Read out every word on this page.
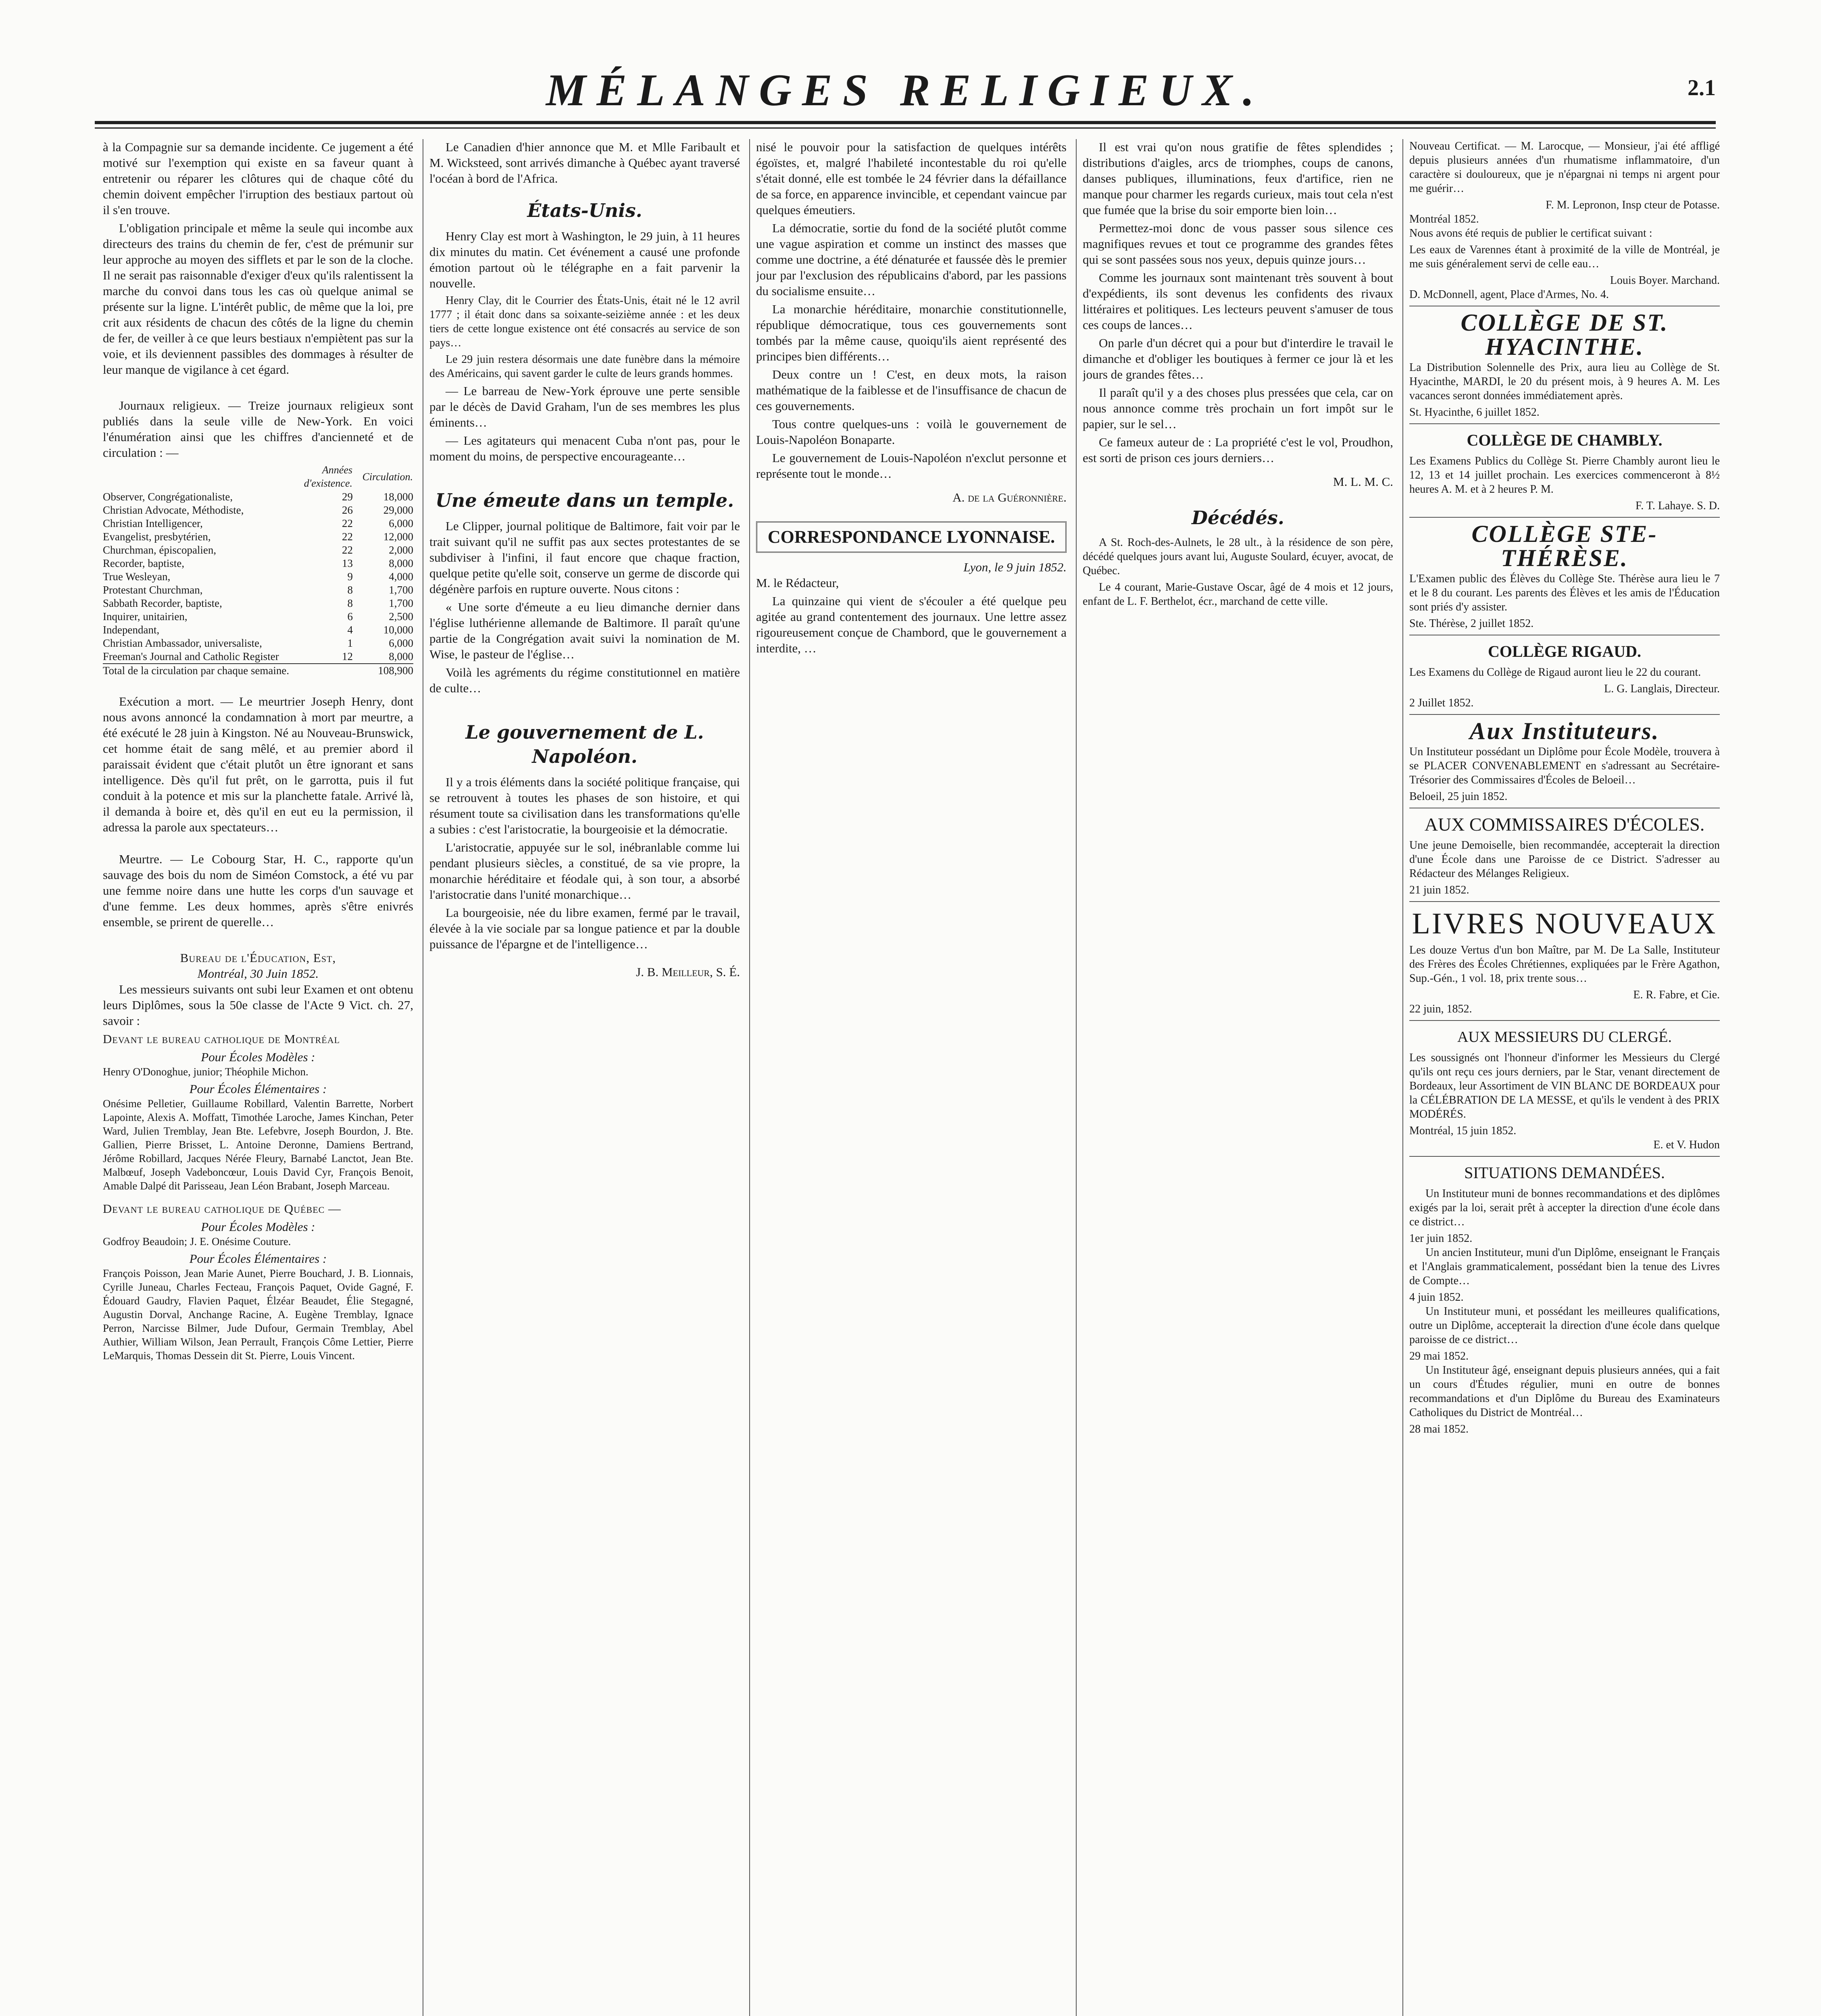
MÉLANGES RELIGIEUX.	2.1

à la Compagnie sur sa demande incidente. Ce jugement a été motivé sur l'exemption qui existe en sa faveur quant à entretenir ou réparer les clôtures qui de chaque côté du chemin doivent empêcher l'irruption des bestiaux partout où il s'en trouve.

L'obligation principale et même la seule qui incombe aux directeurs des trains du chemin de fer, c'est de prémunir sur leur approche au moyen des sifflets et par le son de la cloche. Il ne serait pas raisonnable d'exiger d'eux qu'ils ralentissent la marche du convoi dans tous les cas où quelque animal se présente sur la ligne. L'intérêt public, de même que la loi, pre crit aux résidents de chacun des côtés de la ligne du chemin de fer, de veiller à ce que leurs bestiaux n'empiètent pas sur la voie, et ils deviennent passibles des dommages à résulter de leur manque de vigilance à cet égard.

Journaux religieux. — Treize journaux religieux sont publiés dans la seule ville de New-York. En voici l'énumération ainsi que les chiffres d'ancienneté et de circulation : —

	Années d'existence.	Circulation.
Observer, Congrégationaliste,	29	18,000
Christian Advocate, Méthodiste,	26	29,000
Christian Intelligencer,	22	6,000
Evangelist, presbytérien,	22	12,000
Churchman, épiscopalien,	22	2,000
Recorder, baptiste,	13	8,000
True Wesleyan,	9	4,000
Protestant Churchman,	8	1,700
Sabbath Recorder, baptiste,	8	1,700
Inquirer, unitairien,	6	2,500
Independant,	4	10,000
Christian Ambassador, universaliste,	1	6,000
Freeman's Journal and Catholic Register	12	8,000
Total de la circulation par chaque semaine.		108,900

Exécution a mort. — Le meurtrier Joseph Henry, dont nous avons annoncé la condamnation à mort par meurtre, a été exécuté le 28 juin à Kingston. Né au Nouveau-Brunswick, cet homme était de sang mêlé, et au premier abord il paraissait évident que c'était plutôt un être ignorant et sans intelligence. Dès qu'il fut prêt, on le garrotta, puis il fut conduit à la potence et mis sur la planchette fatale. Arrivé là, il demanda à boire et, dès qu'il en eut eu la permission, il adressa la parole aux spectateurs…

Meurtre. — Le Cobourg Star, H. C., rapporte qu'un sauvage des bois du nom de Siméon Comstock, a été vu par une femme noire dans une hutte les corps d'un sauvage et d'une femme. Les deux hommes, après s'être enivrés ensemble, se prirent de querelle…

Bureau de l'Éducation, Est,
Montréal, 30 Juin 1852.

Les messieurs suivants ont subi leur Examen et ont obtenu leurs Diplômes, sous la 50e classe de l'Acte 9 Vict. ch. 27, savoir :

Devant le bureau catholique de Montréal
Pour Écoles Modèles :
Henry O'Donoghue, junior; Théophile Michon.
Pour Écoles Élémentaires :
Onésime Pelletier, Guillaume Robillard, Valentin Barrette, Norbert Lapointe, Alexis A. Moffatt, Timothée Laroche, James Kinchan, Peter Ward, Julien Tremblay, Jean Bte. Lefebvre, Joseph Bourdon, J. Bte. Gallien, Pierre Brisset, L. Antoine Deronne, Damiens Bertrand, Jérôme Robillard, Jacques Nérée Fleury, Barnabé Lanctot, Jean Bte. Malbœuf, Joseph Vadeboncœur, Louis David Cyr, François Benoit, Amable Dalpé dit Parisseau, Jean Léon Brabant, Joseph Marceau.
Devant le bureau catholique de Québec —
Pour Écoles Modèles :
Godfroy Beaudoin; J. E. Onésime Couture.
Pour Écoles Élémentaires :
François Poisson, Jean Marie Aunet, Pierre Bouchard, J. B. Lionnais, Cyrille Juneau, Charles Fecteau, François Paquet, Ovide Gagné, F. Édouard Gaudry, Flavien Paquet, Élzéar Beaudet, Élie Stegagné, Augustin Dorval, Anchange Racine, A. Eugène Tremblay, Ignace Perron, Narcisse Bilmer, Jude Dufour, Germain Tremblay, Abel Authier, William Wilson, Jean Perrault, François Côme Lettier, Pierre LeMarquis, Thomas Dessein dit St. Pierre, Louis Vincent.

Le Canadien d'hier annonce que M. et Mlle Faribault et M. Wicksteed, sont arrivés dimanche à Québec ayant traversé l'océan à bord de l'Africa.

États-Unis.

Henry Clay est mort à Washington, le 29 juin, à 11 heures dix minutes du matin. Cet événement a causé une profonde émotion partout où le télégraphe en a fait parvenir la nouvelle.

Henry Clay, dit le Courrier des États-Unis, était né le 12 avril 1777 ; il était donc dans sa soixante-seizième année : et les deux tiers de cette longue existence ont été consacrés au service de son pays…

Le 29 juin restera désormais une date funèbre dans la mémoire des Américains, qui savent garder le culte de leurs grands hommes.

— Le barreau de New-York éprouve une perte sensible par le décès de David Graham, l'un de ses membres les plus éminents…

— Les agitateurs qui menacent Cuba n'ont pas, pour le moment du moins, de perspective encourageante…

Une émeute dans un temple.

Le Clipper, journal politique de Baltimore, fait voir par le trait suivant qu'il ne suffit pas aux sectes protestantes de se subdiviser à l'infini, il faut encore que chaque fraction, quelque petite qu'elle soit, conserve un germe de discorde qui dégénère parfois en rupture ouverte. Nous citons :

« Une sorte d'émeute a eu lieu dimanche dernier dans l'église luthérienne allemande de Baltimore. Il paraît qu'une partie de la Congrégation avait suivi la nomination de M. Wise, le pasteur de l'église…

Voilà les agréments du régime constitutionnel en matière de culte…

Le gouvernement de L. Napoléon.

Il y a trois éléments dans la société politique française, qui se retrouvent à toutes les phases de son histoire, et qui résument toute sa civilisation dans les transformations qu'elle a subies : c'est l'aristocratie, la bourgeoisie et la démocratie.

L'aristocratie, appuyée sur le sol, inébranlable comme lui pendant plusieurs siècles, a constitué, de sa vie propre, la monarchie héréditaire et féodale qui, à son tour, a absorbé l'aristocratie dans l'unité monarchique…

La bourgeoisie, née du libre examen, fermé par le travail, élevée à la vie sociale par sa longue patience et par la double puissance de l'épargne et de l'intelligence…

J. B. Meilleur, S. É.

nisé le pouvoir pour la satisfaction de quelques intérêts égoïstes, et, malgré l'habileté incontestable du roi qu'elle s'était donné, elle est tombée le 24 février dans la défaillance de sa force, en apparence invincible, et cependant vaincue par quelques émeutiers.

La démocratie, sortie du fond de la société plutôt comme une vague aspiration et comme un instinct des masses que comme une doctrine, a été dénaturée et faussée dès le premier jour par l'exclusion des républicains d'abord, par les passions du socialisme ensuite…

La monarchie héréditaire, monarchie constitutionnelle, république démocratique, tous ces gouvernements sont tombés par la même cause, quoiqu'ils aient représenté des principes bien différents…

Deux contre un ! C'est, en deux mots, la raison mathématique de la faiblesse et de l'insuffisance de chacun de ces gouvernements.

Tous contre quelques-uns : voilà le gouvernement de Louis-Napoléon Bonaparte.

Le gouvernement de Louis-Napoléon n'exclut personne et représente tout le monde…

A. de la Guéronnière.
CORRESPONDANCE LYONNAISE.
Lyon, le 9 juin 1852.

M. le Rédacteur,

La quinzaine qui vient de s'écouler a été quelque peu agitée au grand contentement des journaux. Une lettre assez rigoureusement conçue de Chambord, que le gouvernement a interdite, …

Il est vrai qu'on nous gratifie de fêtes splendides ; distributions d'aigles, arcs de triomphes, coups de canons, danses publiques, illuminations, feux d'artifice, rien ne manque pour charmer les regards curieux, mais tout cela n'est que fumée que la brise du soir emporte bien loin…

Permettez-moi donc de vous passer sous silence ces magnifiques revues et tout ce programme des grandes fêtes qui se sont passées sous nos yeux, depuis quinze jours…

Comme les journaux sont maintenant très souvent à bout d'expédients, ils sont devenus les confidents des rivaux littéraires et politiques. Les lecteurs peuvent s'amuser de tous ces coups de lances…

On parle d'un décret qui a pour but d'interdire le travail le dimanche et d'obliger les boutiques à fermer ce jour là et les jours de grandes fêtes…

Il paraît qu'il y a des choses plus pressées que cela, car on nous annonce comme très prochain un fort impôt sur le papier, sur le sel…

Ce fameux auteur de : La propriété c'est le vol, Proudhon, est sorti de prison ces jours derniers…

M. L. M. C.
Décédés.

A St. Roch-des-Aulnets, le 28 ult., à la résidence de son père, décédé quelques jours avant lui, Auguste Soulard, écuyer, avocat, de Québec.

Le 4 courant, Marie-Gustave Oscar, âgé de 4 mois et 12 jours, enfant de L. F. Berthelot, écr., marchand de cette ville.

Nouveau Certificat. — M. Larocque, — Monsieur, j'ai été affligé depuis plusieurs années d'un rhumatisme inflammatoire, d'un caractère si douloureux, que je n'épargnai ni temps ni argent pour me guérir…

F. M. Lepronon, Insp cteur de Potasse.
Montréal 1852.

Nous avons été requis de publier le certificat suivant :

Les eaux de Varennes étant à proximité de la ville de Montréal, je me suis généralement servi de celle eau…

Louis Boyer. Marchand.
D. McDonnell, agent, Place d'Armes, No. 4.
COLLÈGE DE ST. HYACINTHE.

La Distribution Solennelle des Prix, aura lieu au Collège de St. Hyacinthe, MARDI, le 20 du présent mois, à 9 heures A. M. Les vacances seront données immédiatement après.

St. Hyacinthe, 6 juillet 1852.
COLLÈGE DE CHAMBLY.

Les Examens Publics du Collège St. Pierre Chambly auront lieu le 12, 13 et 14 juillet prochain. Les exercices commenceront à 8½ heures A. M. et à 2 heures P. M.

F. T. Lahaye. S. D.
COLLÈGE STE-THÉRÈSE.

L'Examen public des Élèves du Collège Ste. Thérèse aura lieu le 7 et le 8 du courant. Les parents des Élèves et les amis de l'Éducation sont priés d'y assister.

Ste. Thérèse, 2 juillet 1852.
COLLÈGE RIGAUD.

Les Examens du Collège de Rigaud auront lieu le 22 du courant.

L. G. Langlais, Directeur.
2 Juillet 1852.
Aux Instituteurs.

Un Instituteur possédant un Diplôme pour École Modèle, trouvera à se PLACER CONVENABLEMENT en s'adressant au Secrétaire-Trésorier des Commissaires d'Écoles de Beloeil…

Beloeil, 25 juin 1852.
AUX COMMISSAIRES D'ÉCOLES.

Une jeune Demoiselle, bien recommandée, accepterait la direction d'une École dans une Paroisse de ce District. S'adresser au Rédacteur des Mélanges Religieux.

21 juin 1852.
LIVRES NOUVEAUX

Les douze Vertus d'un bon Maître, par M. De La Salle, Instituteur des Frères des Écoles Chrétiennes, expliquées par le Frère Agathon, Sup.-Gén., 1 vol. 18, prix trente sous…

E. R. Fabre, et Cie.
22 juin, 1852.
AUX MESSIEURS DU CLERGÉ.

Les soussignés ont l'honneur d'informer les Messieurs du Clergé qu'ils ont reçu ces jours derniers, par le Star, venant directement de Bordeaux, leur Assortiment de VIN BLANC DE BORDEAUX pour la CÉLÉBRATION DE LA MESSE, et qu'ils le vendent à des PRIX MODÉRÉS.

Montréal, 15 juin 1852.
E. et V. Hudon
SITUATIONS DEMANDÉES.

Un Instituteur muni de bonnes recommandations et des diplômes exigés par la loi, serait prêt à accepter la direction d'une école dans ce district…

1er juin 1852.

Un ancien Instituteur, muni d'un Diplôme, enseignant le Français et l'Anglais grammaticalement, possédant bien la tenue des Livres de Compte…

4 juin 1852.

Un Instituteur muni, et possédant les meilleures qualifications, outre un Diplôme, accepterait la direction d'une école dans quelque paroisse de ce district…

29 mai 1852.

Un Instituteur âgé, enseignant depuis plusieurs années, qui a fait un cours d'Études régulier, muni en outre de bonnes recommandations et d'un Diplôme du Bureau des Examinateurs Catholiques du District de Montréal…

28 mai 1852.
